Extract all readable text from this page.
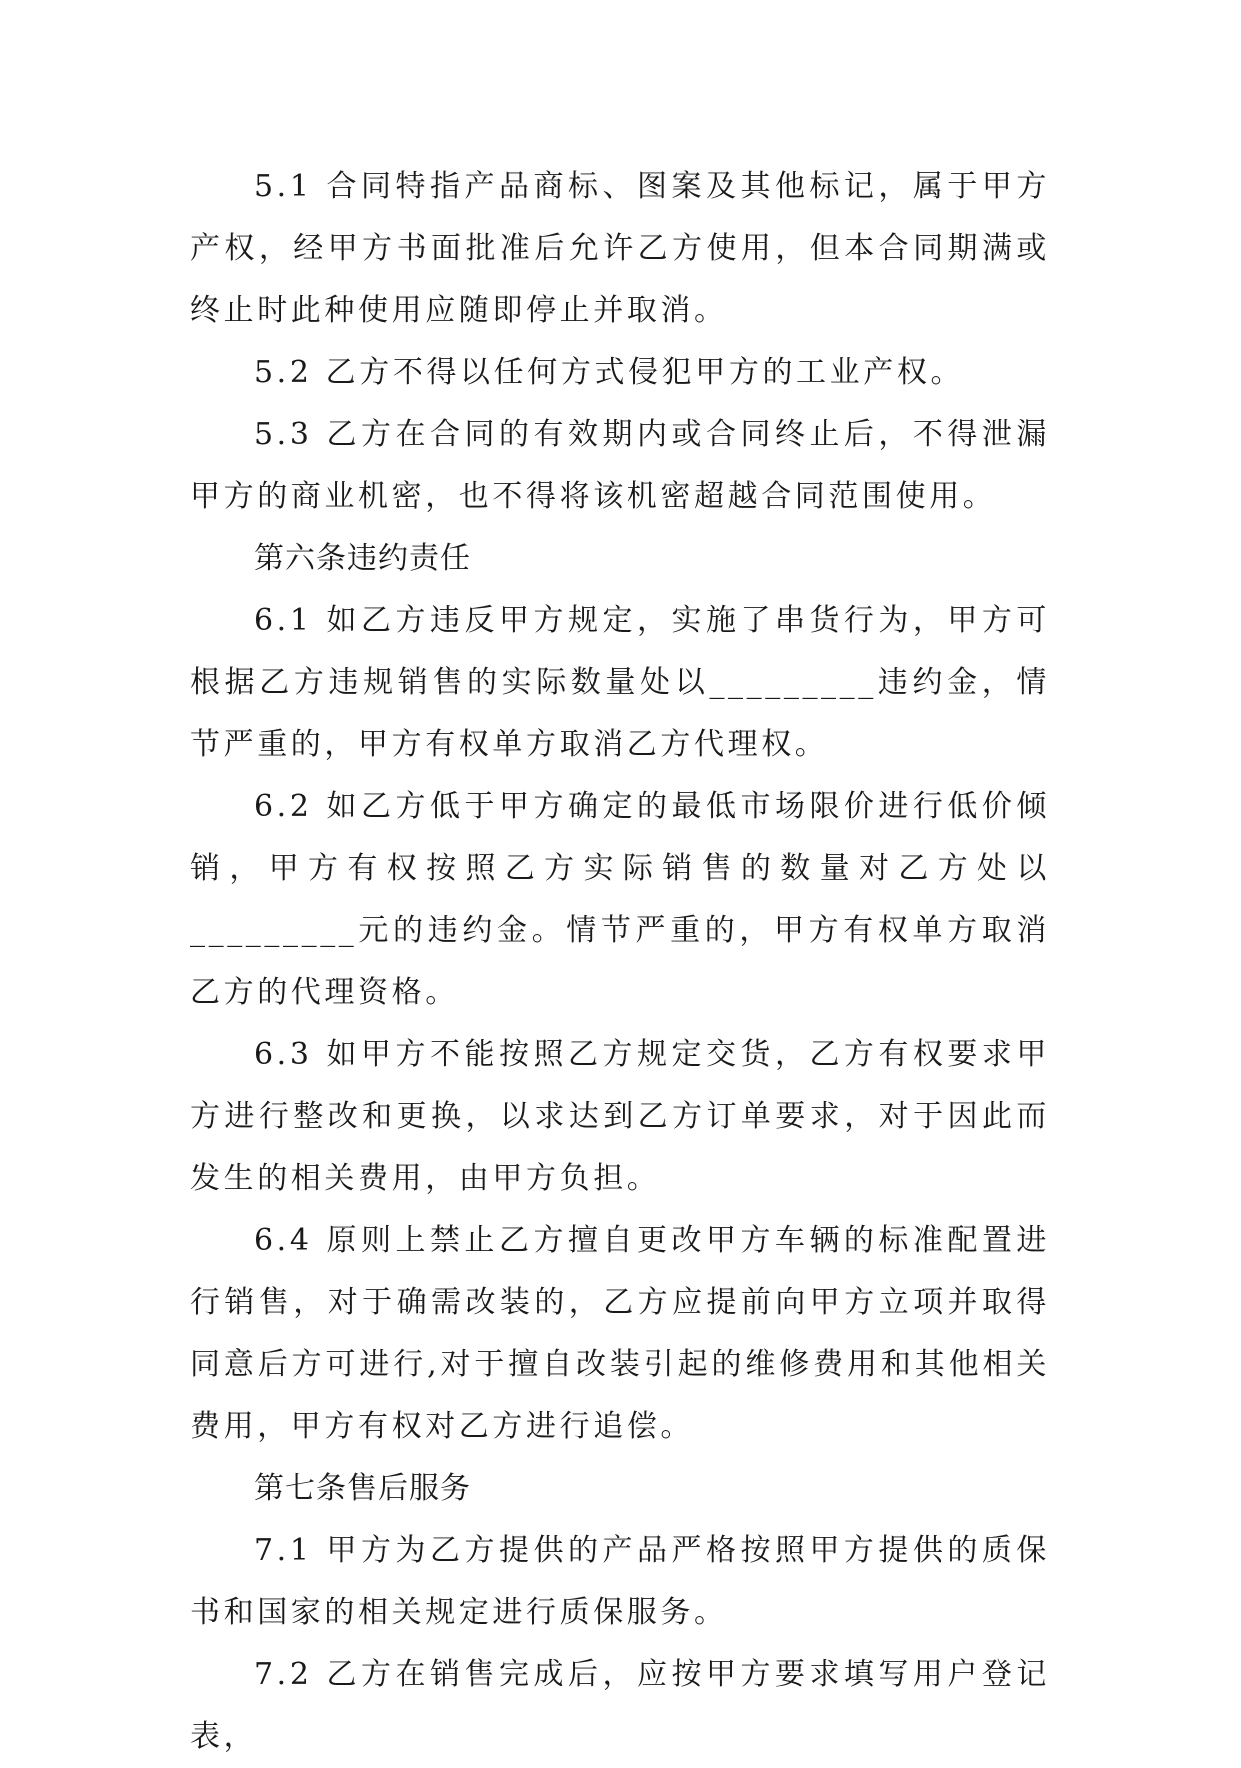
5.1 合同特指产品商标、图案及其他标记，属于甲方产权，经甲方书面批准后允许乙方使用，但本合同期满或终止时此种使用应随即停止并取消。

5.2 乙方不得以任何方式侵犯甲方的工业产权。

5.3 乙方在合同的有效期内或合同终止后，不得泄漏甲方的商业机密，也不得将该机密超越合同范围使用。

第六条违约责任

6.1 如乙方违反甲方规定，实施了串货行为，甲方可根据乙方违规销售的实际数量处以_________违约金，情节严重的，甲方有权单方取消乙方代理权。

6.2 如乙方低于甲方确定的最低市场限价进行低价倾销，甲方有权按照乙方实际销售的数量对乙方处以_________元的违约金。情节严重的，甲方有权单方取消乙方的代理资格。

6.3 如甲方不能按照乙方规定交货，乙方有权要求甲方进行整改和更换，以求达到乙方订单要求，对于因此而发生的相关费用，由甲方负担。

6.4 原则上禁止乙方擅自更改甲方车辆的标准配置进行销售，对于确需改装的，乙方应提前向甲方立项并取得同意后方可进行,对于擅自改装引起的维修费用和其他相关费用，甲方有权对乙方进行追偿。

第七条售后服务

7.1 甲方为乙方提供的产品严格按照甲方提供的质保书和国家的相关规定进行质保服务。

7.2 乙方在销售完成后，应按甲方要求填写用户登记表，
